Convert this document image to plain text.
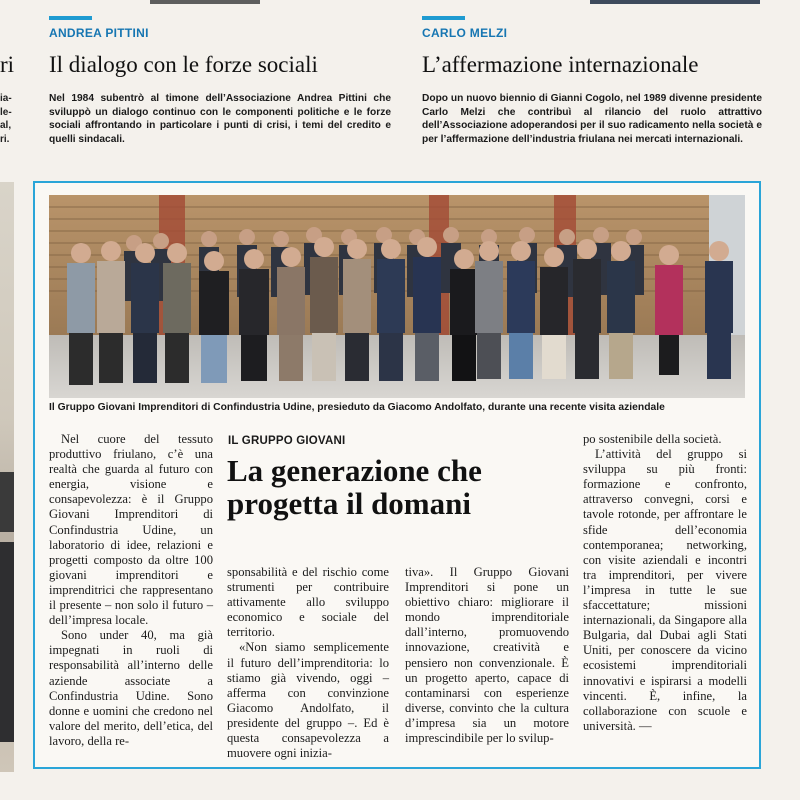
ri
ia-
le-
al,
ri.
ANDREA PITTINI
Il dialogo con le forze sociali
Nel 1984 subentrò al timone dell’Associazione Andrea Pittini che sviluppò un dialogo continuo con le componenti politiche e le forze sociali affrontando in particolare i punti di crisi, i temi del credito e quelli sindacali.
CARLO MELZI
L’affermazione internazionale
Dopo un nuovo biennio di Gianni Cogolo, nel 1989 divenne presidente Carlo Melzi che contribuì al rilancio del ruolo attrattivo dell’Associazione adoperandosi per il suo radicamento nella società e per l’affermazione dell’industria friulana nei mercati internazionali.
Il Gruppo Giovani Imprenditori di Confindustria Udine, presieduto da Giacomo Andolfato, durante una recente visita aziendale
IL GRUPPO GIOVANI
La generazione che progetta il domani

Nel cuore del tessuto produttivo friulano, c’è una realtà che guarda al futuro con energia, visione e consapevolezza: è il Gruppo Giovani Imprenditori di Confindustria Udine, un laboratorio di idee, relazioni e progetti composto da oltre 100 giovani imprenditori e imprenditrici che rappresentano il presente – non solo il futuro – dell’impresa locale.

Sono under 40, ma già impegnati in ruoli di responsabilità all’interno delle aziende associate a Confindustria Udine. Sono donne e uomini che credono nel valore del merito, dell’etica, del lavoro, della re-

sponsabilità e del rischio come strumenti per contribuire attivamente allo sviluppo economico e sociale del territorio.

«Non siamo semplicemente il futuro dell’imprenditoria: lo stiamo già vivendo, oggi – afferma con convinzione Giacomo Andolfato, il presidente del gruppo –. Ed è questa consapevolezza a muovere ogni inizia-

tiva». Il Gruppo Giovani Imprenditori si pone un obiettivo chiaro: migliorare il mondo imprenditoriale dall’interno, promuovendo innovazione, creatività e pensiero non convenzionale. È un progetto aperto, capace di contaminarsi con esperienze diverse, convinto che la cultura d’impresa sia un motore imprescindibile per lo svilup-

po sostenibile della società.

L’attività del gruppo si sviluppa su più fronti: formazione e confronto, attraverso convegni, corsi e tavole rotonde, per affrontare le sfide dell’economia contemporanea; networking, con visite aziendali e incontri tra imprenditori, per vivere l’impresa in tutte le sue sfaccettature; missioni internazionali, da Singapore alla Bulgaria, dal Dubai agli Stati Uniti, per conoscere da vicino ecosistemi imprenditoriali innovativi e ispirarsi a modelli vincenti. È, infine, la collaborazione con scuole e università. —
